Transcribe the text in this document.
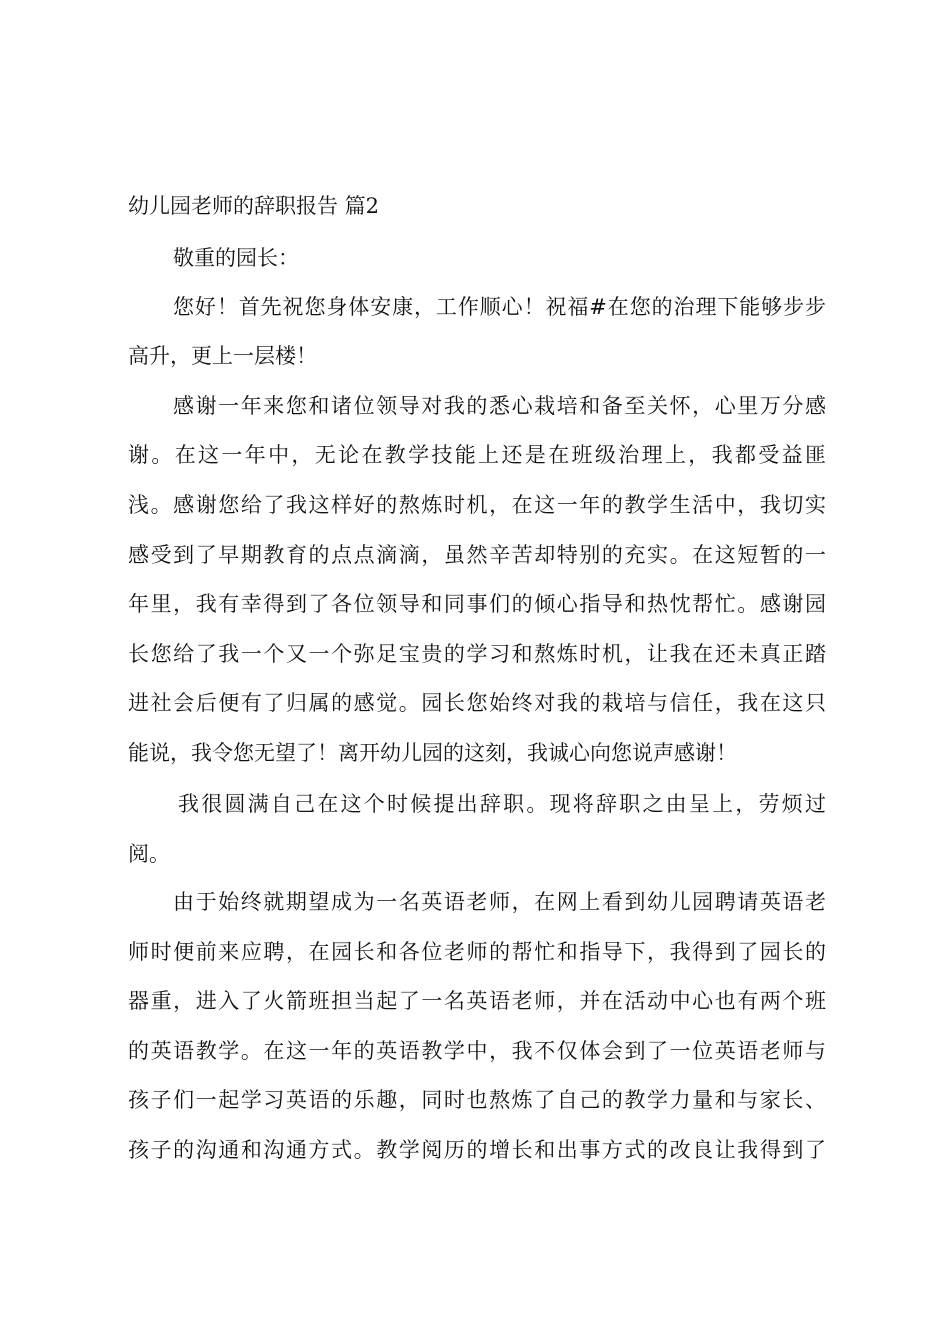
幼儿园老师的辞职报告 篇2
敬重的园长：
您好！首先祝您身体安康，工作顺心！祝福#在您的治理下能够步步
高升，更上一层楼！
感谢一年来您和诸位领导对我的悉心栽培和备至关怀，心里万分感
谢。在这一年中，无论在教学技能上还是在班级治理上，我都受益匪
浅。感谢您给了我这样好的熬炼时机，在这一年的教学生活中，我切实
感受到了早期教育的点点滴滴，虽然辛苦却特别的充实。在这短暂的一
年里，我有幸得到了各位领导和同事们的倾心指导和热忱帮忙。感谢园
长您给了我一个又一个弥足宝贵的学习和熬炼时机，让我在还未真正踏
进社会后便有了归属的感觉。园长您始终对我的栽培与信任，我在这只
能说，我令您无望了！离开幼儿园的这刻，我诚心向您说声感谢！
我很圆满自己在这个时候提出辞职。现将辞职之由呈上，劳烦过
阅。
由于始终就期望成为一名英语老师，在网上看到幼儿园聘请英语老
师时便前来应聘，在园长和各位老师的帮忙和指导下，我得到了园长的
器重，进入了火箭班担当起了一名英语老师，并在活动中心也有两个班
的英语教学。在这一年的英语教学中，我不仅体会到了一位英语老师与
孩子们一起学习英语的乐趣，同时也熬炼了自己的教学力量和与家长、
孩子的沟通和沟通方式。教学阅历的增长和出事方式的改良让我得到了
